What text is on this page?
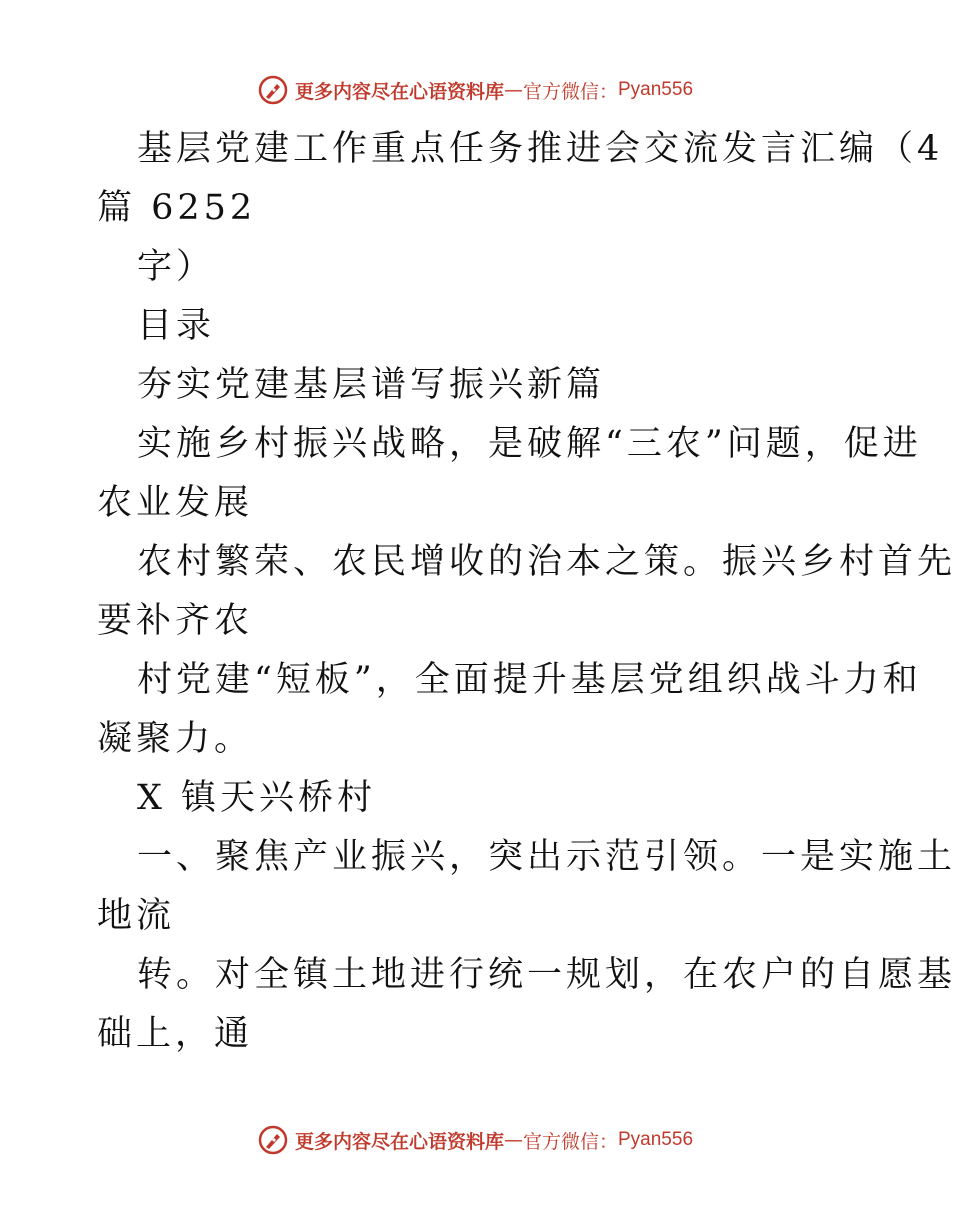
更多内容尽在心语资料库 — 官方微信： Pyan556
基层党建工作重点任务推进会交流发言汇编（4
篇 6252
字）
目录
夯实党建基层谱写振兴新篇
实施乡村振兴战略，是破解“三农”问题，促进
农业发展
农村繁荣、农民增收的治本之策。振兴乡村首先
要补齐农
村党建“短板”，全面提升基层党组织战斗力和
凝聚力。
X 镇天兴桥村
一、聚焦产业振兴，突出示范引领。一是实施土
地流
转。对全镇土地进行统一规划，在农户的自愿基
础上，通
更多内容尽在心语资料库 — 官方微信： Pyan556
